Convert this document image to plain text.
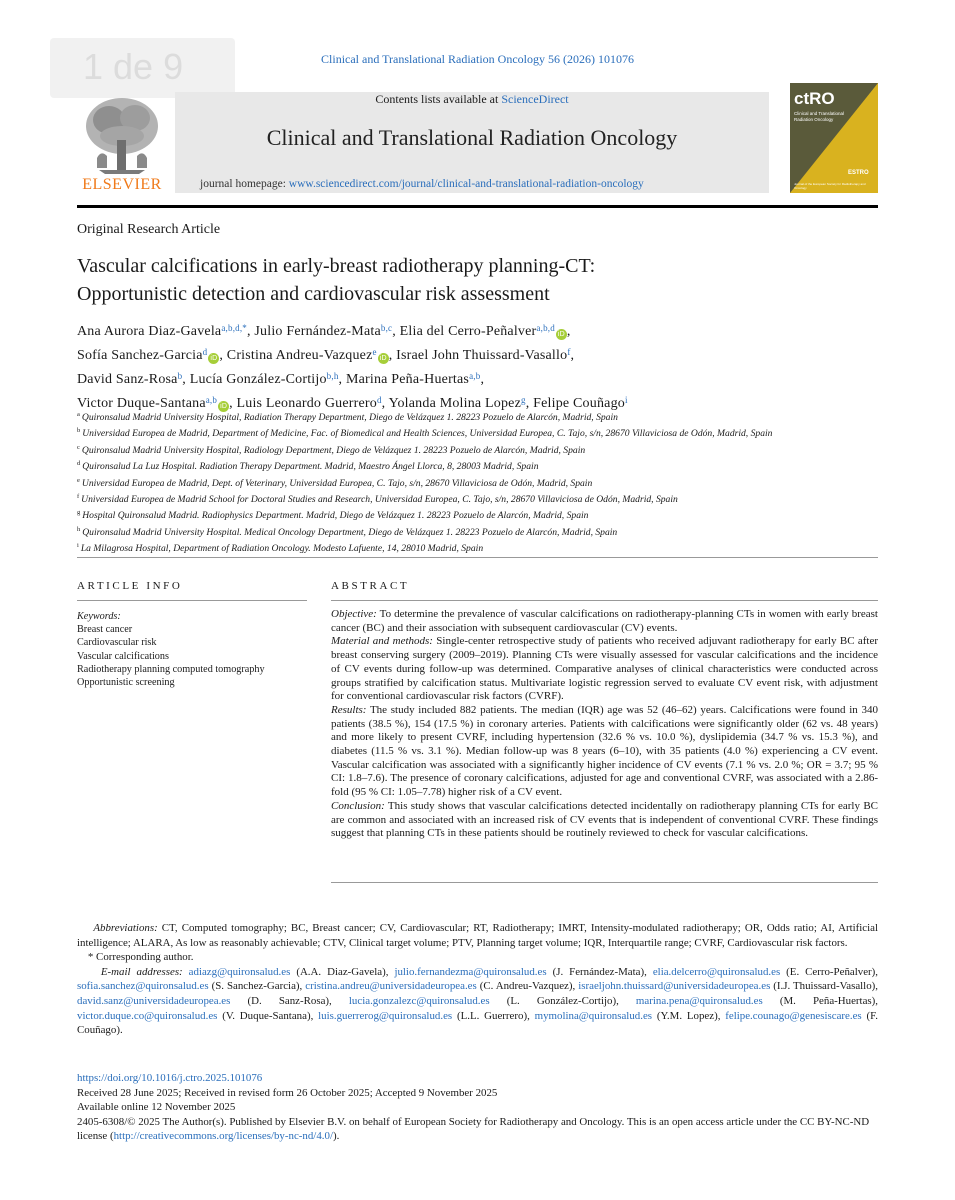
1 de 9	Clinical and Translational Radiation Oncology 56 (2026) 101076
ELSEVIER
Contents lists available at ScienceDirect
Clinical and Translational Radiation Oncology
journal homepage: www.sciencedirect.com/journal/clinical-and-translational-radiation-oncology
ctRO
Clinical and Translational Radiation Oncology
ESTRO
Journal of the European Society for Radiotherapy and Oncology
Original Research Article
Vascular calcifications in early-breast radiotherapy planning-CT:
Opportunistic detection and cardiovascular risk assessment
Ana Aurora Diaz-Gavela$^{a,b,d,*}$, Julio Fernández-Mata$^{b,c}$, Elia del Cerro-Peñalver$^{a,b,d}$iD ,
Sofía Sanchez-Garcia$^d$iD , Cristina Andreu-Vazquez$^e$iD , Israel John Thuissard-Vasallo$^f$,
David Sanz-Rosa$^b$, Lucía González-Cortijo$^{b,h}$, Marina Peña-Huertas$^{a,b}$,
Victor Duque-Santana$^{a,b}$iD , Luis Leonardo Guerrero$^d$, Yolanda Molina Lopez$^g$, Felipe Couñago$^i$
$^a$ Quironsalud Madrid University Hospital, Radiation Therapy Department, Diego de Velázquez 1. 28223 Pozuelo de Alarcón, Madrid, Spain
$^b$ Universidad Europea de Madrid, Department of Medicine, Fac. of Biomedical and Health Sciences, Universidad Europea, C. Tajo, s/n, 28670 Villaviciosa de Odón, Madrid, Spain
$^c$ Quironsalud Madrid University Hospital, Radiology Department, Diego de Velázquez 1. 28223 Pozuelo de Alarcón, Madrid, Spain
$^d$ Quironsalud La Luz Hospital. Radiation Therapy Department. Madrid, Maestro Ángel Llorca, 8, 28003 Madrid, Spain
$^e$ Universidad Europea de Madrid, Dept. of Veterinary, Universidad Europea, C. Tajo, s/n, 28670 Villaviciosa de Odón, Madrid, Spain
$^f$ Universidad Europea de Madrid School for Doctoral Studies and Research, Universidad Europea, C. Tajo, s/n, 28670 Villaviciosa de Odón, Madrid, Spain
$^g$ Hospital Quironsalud Madrid. Radiophysics Department. Madrid, Diego de Velázquez 1. 28223 Pozuelo de Alarcón, Madrid, Spain
$^h$ Quironsalud Madrid University Hospital. Medical Oncology Department, Diego de Velázquez 1. 28223 Pozuelo de Alarcón, Madrid, Spain
$^i$ La Milagrosa Hospital, Department of Radiation Oncology. Modesto Lafuente, 14, 28010 Madrid, Spain
ARTICLE INFO
Keywords:
Breast cancer
Cardiovascular risk
Vascular calcifications
Radiotherapy planning computed tomography
Opportunistic screening
ABSTRACT

Objective: To determine the prevalence of vascular calcifications on radiotherapy-planning CTs in women with early breast cancer (BC) and their association with subsequent cardiovascular (CV) events.

Material and methods: Single-center retrospective study of patients who received adjuvant radiotherapy for early BC after breast conserving surgery (2009–2019). Planning CTs were visually assessed for vascular calcifications and the incidence of CV events during follow-up was determined. Comparative analyses of clinical characteristics were conducted across groups stratified by calcification status. Multivariate logistic regression served to evaluate CV event risk, with adjustment for conventional cardiovascular risk factors (CVRF).

Results: The study included 882 patients. The median (IQR) age was 52 (46–62) years. Calcifications were found in 340 patients (38.5 %), 154 (17.5 %) in coronary arteries. Patients with calcifications were significantly older (62 vs. 48 years) and more likely to present CVRF, including hypertension (32.6 % vs. 10.0 %), dyslipidemia (34.7 % vs. 15.3 %), and diabetes (11.5 % vs. 3.1 %). Median follow-up was 8 years (6–10), with 35 patients (4.0 %) experiencing a CV event. Vascular calcification was associated with a significantly higher incidence of CV events (7.1 % vs. 2.0 %; OR = 3.7; 95 % CI: 1.8–7.6). The presence of coronary calcifications, adjusted for age and conventional CVRF, was associated with a 2.86-fold (95 % CI: 1.05–7.78) higher risk of a CV event.

Conclusion: This study shows that vascular calcifications detected incidentally on radiotherapy planning CTs for early BC are common and associated with an increased risk of CV events that is independent of conventional CVRF. These findings suggest that planning CTs in these patients should be routinely reviewed to check for vascular calcifications.

Abbreviations: CT, Computed tomography; BC, Breast cancer; CV, Cardiovascular; RT, Radiotherapy; IMRT, Intensity-modulated radiotherapy; OR, Odds ratio; AI, Artificial intelligence; ALARA, As low as reasonably achievable; CTV, Clinical target volume; PTV, Planning target volume; IQR, Interquartile range; CVRF, Cardiovascular risk factors.

* Corresponding author.

E-mail addresses: adiazg@quironsalud.es (A.A. Diaz-Gavela), julio.fernandezma@quironsalud.es (J. Fernández-Mata), elia.delcerro@quironsalud.es (E. Cerro-Peñalver), sofia.sanchez@quironsalud.es (S. Sanchez-Garcia), cristina.andreu@universidadeuropea.es (C. Andreu-Vazquez), israeljohn.thuissard@universidadeuropea.es (I.J. Thuissard-Vasallo), david.sanz@universidadeuropea.es (D. Sanz-Rosa), lucia.gonzalezc@quironsalud.es (L. González-Cortijo), marina.pena@quironsalud.es (M. Peña-Huertas), victor.duque.co@quironsalud.es (V. Duque-Santana), luis.guerrerog@quironsalud.es (L.L. Guerrero), mymolina@quironsalud.es (Y.M. Lopez), felipe.counago@genesiscare.es (F. Couñago).

https://doi.org/10.1016/j.ctro.2025.101076

Received 28 June 2025; Received in revised form 26 October 2025; Accepted 9 November 2025

Available online 12 November 2025

2405-6308/© 2025 The Author(s). Published by Elsevier B.V. on behalf of European Society for Radiotherapy and Oncology. This is an open access article under the CC BY-NC-ND license (http://creativecommons.org/licenses/by-nc-nd/4.0/).
